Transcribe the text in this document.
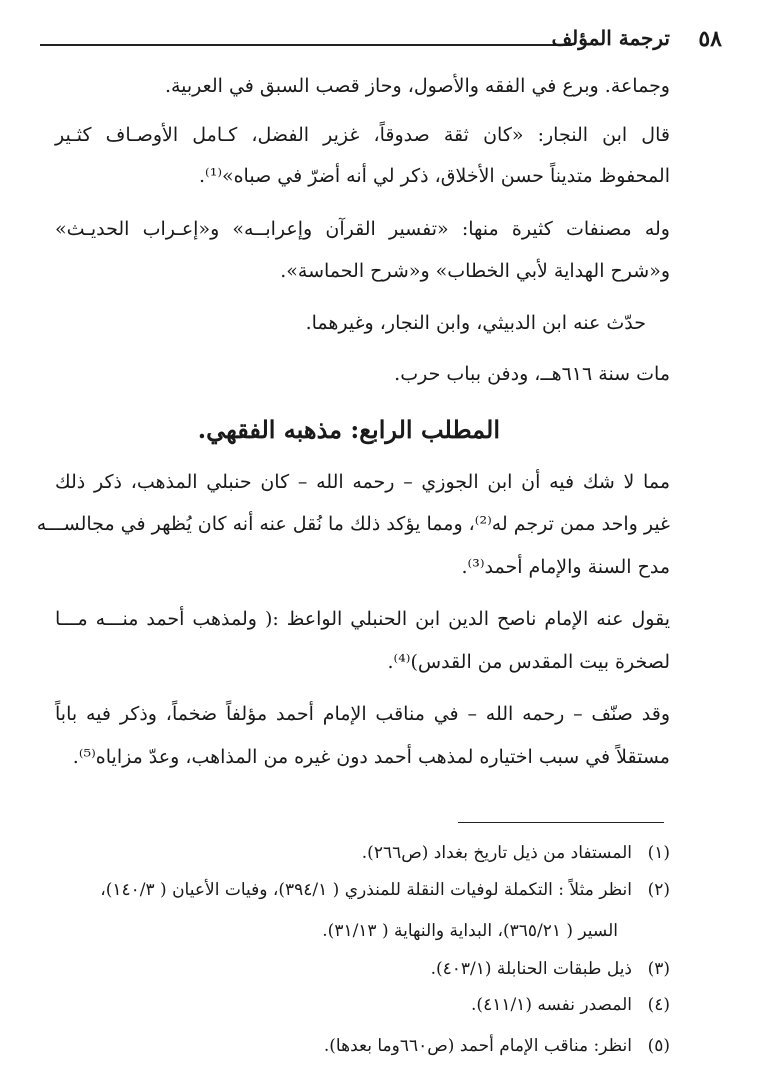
ترجمة المؤلف ٥٨
وجماعة. وبرع في الفقه والأصول، وحاز قصب السبق في العربية.
قال ابن النجار: «كان ثقة صدوقاً، غزير الفضل، كـامل الأوصـاف كثـير
المحفوظ متديناً حسن الأخلاق، ذكر لي أنه أضرّ في صباه»⁽¹⁾.
وله مصنفات كثيرة منها: «تفسير القرآن وإعرابــه» و«إعـراب الحديـث»
و«شرح الهداية لأبي الخطاب» و«شرح الحماسة».
حدّث عنه ابن الدبيثي، وابن النجار، وغيرهما.
مات سنة ٦١٦هــ، ودفن بباب حرب.
المطلب الرابع: مذهبه الفقهي.
مما لا شك فيه أن ابن الجوزي – رحمه الله – كان حنبلي المذهب، ذكر ذلك
غير واحد ممن ترجم له⁽²⁾، ومما يؤكد ذلك ما نُقل عنه أنه كان يُظهر في مجالســـه
مدح السنة والإمام أحمد⁽³⁾.
يقول عنه الإمام ناصح الدين ابن الحنبلي الواعظ :( ولمذهب أحمد منـــه مـــا
لصخرة بيت المقدس من القدس)⁽⁴⁾.
وقد صنّف – رحمه الله – في مناقب الإمام أحمد مؤلفاً ضخماً، وذكر فيه باباً
مستقلاً في سبب اختياره لمذهب أحمد دون غيره من المذاهب، وعدّ مزاياه⁽⁵⁾.
(١)المستفاد من ذيل تاريخ بغداد (ص٢٦٦).
(٢)انظر مثلاً : التكملة لوفيات النقلة للمنذري ( ٣٩٤/١)، وفيات الأعيان ( ١٤٠/٣)،
السير ( ٣٦٥/٢١)، البداية والنهاية ( ٣١/١٣).
(٣)ذيل طبقات الحنابلة (٤٠٣/١).
(٤)المصدر نفسه (٤١١/١).
(٥)انظر: مناقب الإمام أحمد (ص٦٦٠وما بعدها).
